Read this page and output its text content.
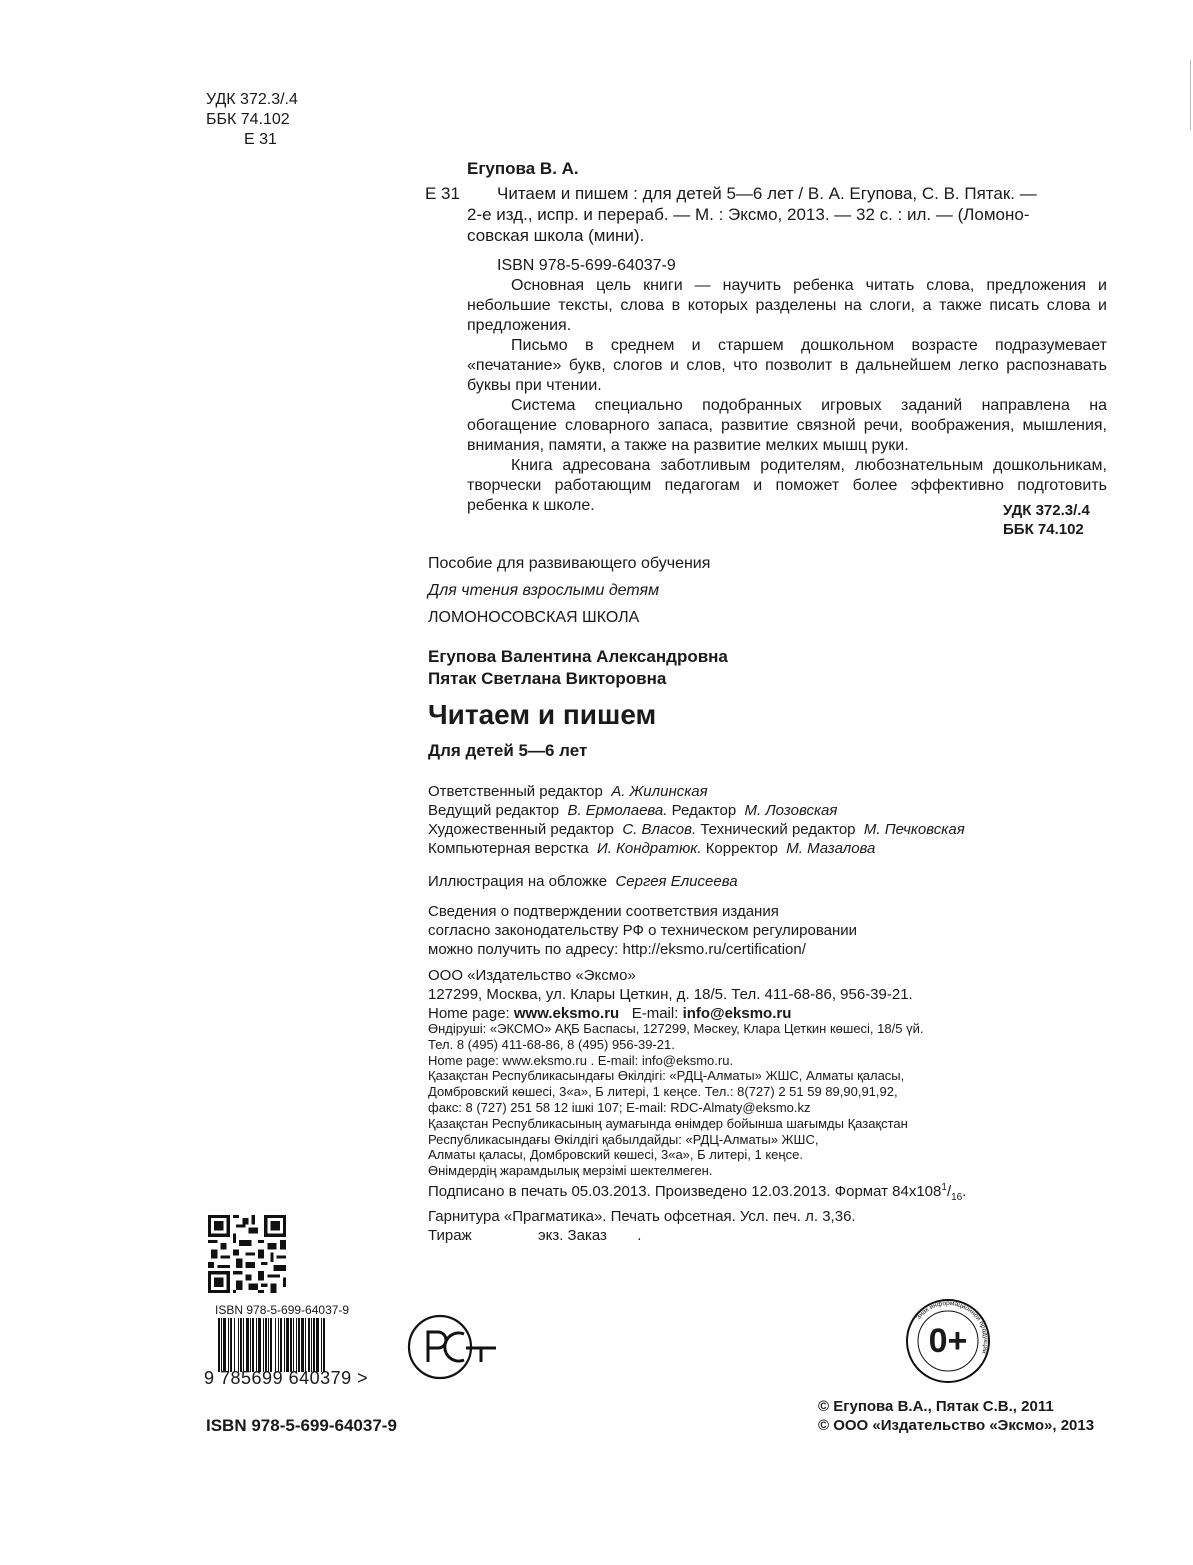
УДК 372.3/.4
ББК 74.102
Е 31
Егупова В. А.
Е 31	Читаем и пишем : для детей 5—6 лет / В. А. Егупова, С. В. Пятак. —
2-е изд., испр. и перераб. — М. : Эксмо, 2013. — 32 с. : ил. — (Ломоно-
совская школа (мини).
ISBN 978-5-699-64037-9

Основная цель книги — научить ребенка читать слова, предложения и небольшие тексты, слова в которых разделены на слоги, а также писать слова и предложения.

Письмо в среднем и старшем дошкольном возрасте подразумевает «печатание» букв, слогов и слов, что позволит в дальнейшем легко распознавать буквы при чтении.

Система специально подобранных игровых заданий направлена на обогащение словарного запаса, развитие связной речи, воображения, мышления, внимания, памяти, а также на развитие мелких мышц руки.

Книга адресована заботливым родителям, любознательным дошкольникам, творчески работающим педагогам и поможет более эффективно подготовить ребенка к школе.	УДК 372.3/.4
ББК 74.102
Пособие для развивающего обучения
Для чтения взрослыми детям
ЛОМОНОСОВСКАЯ ШКОЛА
Егупова Валентина Александровна
Пятак Светлана Викторовна
Читаем и пишем
Для детей 5—6 лет
Ответственный редактор А. Жилинская
Ведущий редактор В. Ермолаева. Редактор М. Лозовская
Художественный редактор С. Власов. Технический редактор М. Печковская
Компьютерная верстка И. Кондратюк. Корректор М. Мазалова
Иллюстрация на обложке Сергея Елисеева
Сведения о подтверждении соответствия издания
согласно законодательству РФ о техническом регулировании
можно получить по адресу: http://eksmo.ru/certification/
ООО «Издательство «Эксмо»
127299, Москва, ул. Клары Цеткин, д. 18/5. Тел. 411-68-86, 956-39-21.
Home page: www.eksmo.ru E-mail: info@eksmo.ru
Өндіруші: «ЭКСМО» АҚБ Баспасы, 127299, Мәскеу, Клара Цеткин көшесі, 18/5 үй.
Тел. 8 (495) 411-68-86, 8 (495) 956-39-21.
Home page: www.eksmo.ru . E-mail: info@eksmo.ru.
Қазақстан Республикасындағы Өкілдігі: «РДЦ-Алматы» ЖШС, Алматы қаласы,
Домбровский көшесі, 3«а», Б литері, 1 кеңсе. Тел.: 8(727) 2 51 59 89,90,91,92,
факс: 8 (727) 251 58 12 ішкі 107; E-mail: RDC-Almaty@eksmo.kz
Қазақстан Республикасының аумағында өнімдер бойынша шағымды Қазақстан
Республикасындағы Өкілдігі қабылдайды: «РДЦ-Алматы» ЖШС,
Алматы қаласы, Домбровский көшесі, 3«а», Б литері, 1 кеңсе.
Өнімдердің жарамдылық мерзімі шектелмеген.
Подписано в печать 05.03.2013. Произведено 12.03.2013. Формат $84x108^1/_{16}$.
Гарнитура «Прагматика». Печать офсетная. Усл. печ. л. 3,36.
Тираж	экз. Заказ .
ISBN 978-5-699-64037-9
9 785699 640379 >
ISBN 978-5-699-64037-9
Знак информационной продукции
0+
© Егупова В.А., Пятак С.В., 2011
© ООО «Издательство «Эксмо», 2013
